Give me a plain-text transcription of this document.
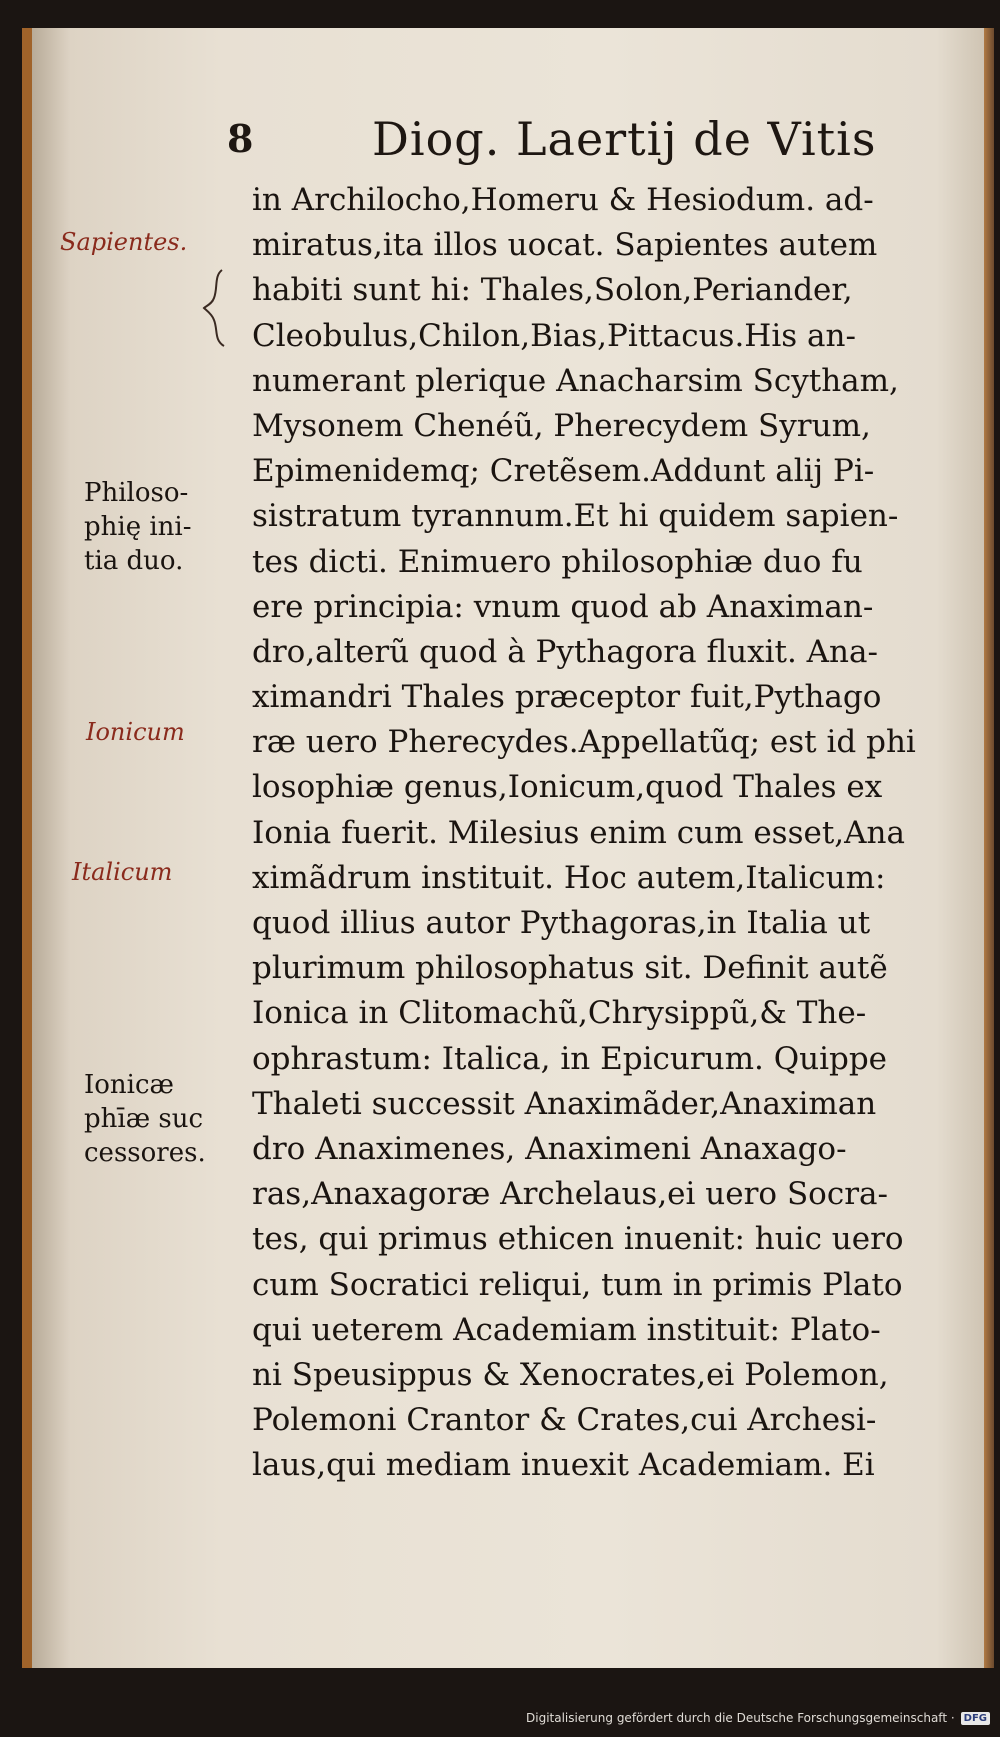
8	Diog. Laertij de Vitis
in Archilocho,Homeru & Hesiodum. ad-
miratus,ita illos uocat. Sapientes autem
habiti sunt hi: Thales,Solon,Periander,
Cleobulus,Chilon,Bias,Pittacus.His an-
numerant plerique Anacharsim Scytham,
Mysonem Chenéũ, Pherecydem Syrum,
Epimenidemq; Cretẽsem.Addunt alij Pi-
sistratum tyrannum.Et hi quidem sapien-
tes dicti. Enimuero philosophiæ duo fu
ere principia: vnum quod ab Anaximan-
dro,alterũ quod à Pythagora fluxit. Ana-
ximandri Thales præceptor fuit,Pythago
ræ uero Pherecydes.Appellatũq; est id phi
losophiæ genus,Ionicum,quod Thales ex
Ionia fuerit. Milesius enim cum esset,Ana
ximãdrum instituit. Hoc autem,Italicum:
quod illius autor Pythagoras,in Italia ut
plurimum philosophatus sit. Definit autẽ
Ionica in Clitomachũ,Chrysippũ,& The-
ophrastum: Italica, in Epicurum. Quippe
Thaleti successit Anaximãder,Anaximan
dro Anaximenes, Anaximeni Anaxago-
ras,Anaxagoræ Archelaus,ei uero Socra-
tes, qui primus ethicen inuenit: huic uero
cum Socratici reliqui, tum in primis Plato
qui ueterem Academiam instituit: Plato-
ni Speusippus & Xenocrates,ei Polemon,
Polemoni Crantor & Crates,cui Archesi-
laus,qui mediam inuexit Academiam. Ei
Philoso-
phię ini-
tia duo.
Ionicæ
phīæ suc
cessores.
Sapientes.
Ionicum
Italicum
Digitalisierung gefördert durch die Deutsche Forschungsgemeinschaft · DFG
